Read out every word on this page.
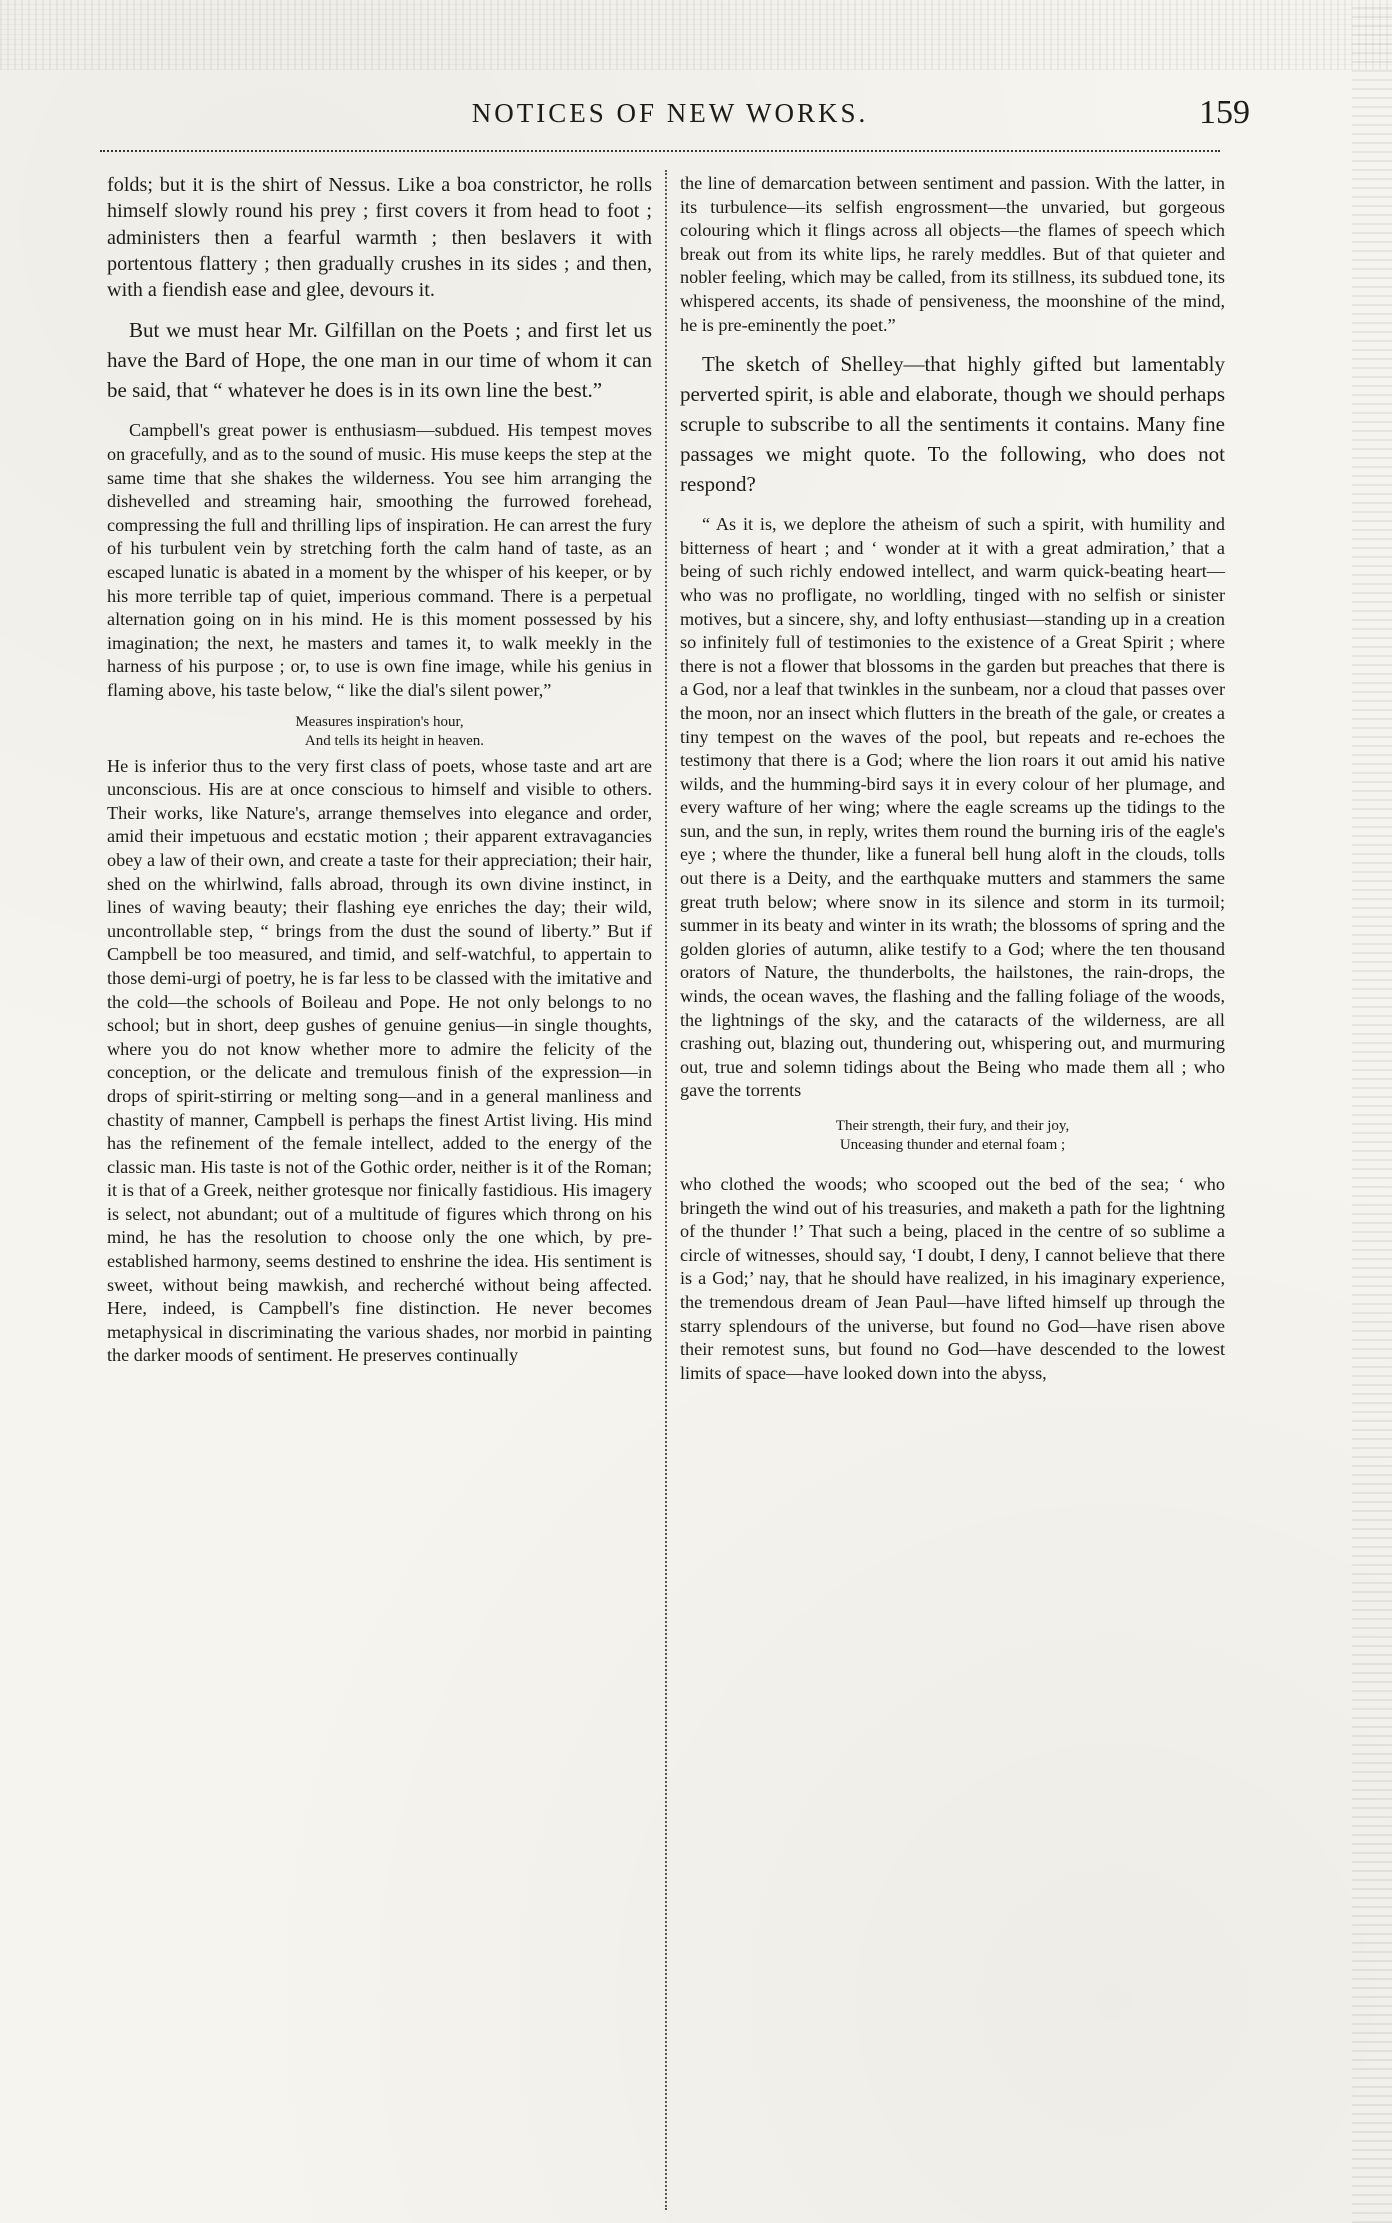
NOTICES OF NEW WORKS.	159

folds; but it is the shirt of Nessus. Like a boa constrictor, he rolls himself slowly round his prey ; first covers it from head to foot ; administers then a fearful warmth ; then beslavers it with portentous flattery ; then gradually crushes in its sides ; and then, with a fiendish ease and glee, devours it.

But we must hear Mr. Gilfillan on the Poets ; and first let us have the Bard of Hope, the one man in our time of whom it can be said, that “ whatever he does is in its own line the best.”

Campbell's great power is enthusiasm—subdued. His tempest moves on gracefully, and as to the sound of music. His muse keeps the step at the same time that she shakes the wilderness. You see him arranging the dishevelled and streaming hair, smoothing the furrowed forehead, compressing the full and thrilling lips of inspiration. He can arrest the fury of his turbulent vein by stretching forth the calm hand of taste, as an escaped lunatic is abated in a moment by the whisper of his keeper, or by his more terrible tap of quiet, imperious command. There is a perpetual alternation going on in his mind. He is this moment possessed by his imagination; the next, he masters and tames it, to walk meekly in the harness of his purpose ; or, to use is own fine image, while his genius in flaming above, his taste below, “ like the dial's silent power,”

Measures inspiration's hour,
And tells its height in heaven.

He is inferior thus to the very first class of poets, whose taste and art are unconscious. His are at once conscious to himself and visible to others. Their works, like Nature's, arrange themselves into elegance and order, amid their impetuous and ecstatic motion ; their apparent extravagancies obey a law of their own, and create a taste for their appreciation; their hair, shed on the whirlwind, falls abroad, through its own divine instinct, in lines of waving beauty; their flashing eye enriches the day; their wild, uncontrollable step, “ brings from the dust the sound of liberty.” But if Campbell be too measured, and timid, and self-watchful, to appertain to those demi-urgi of poetry, he is far less to be classed with the imitative and the cold—the schools of Boileau and Pope. He not only belongs to no school; but in short, deep gushes of genuine genius—in single thoughts, where you do not know whether more to admire the felicity of the conception, or the delicate and tremulous finish of the expression—in drops of spirit-stirring or melting song—and in a general manliness and chastity of manner, Campbell is perhaps the finest Artist living. His mind has the refinement of the female intellect, added to the energy of the classic man. His taste is not of the Gothic order, neither is it of the Roman; it is that of a Greek, neither grotesque nor finically fastidious. His imagery is select, not abundant; out of a multitude of figures which throng on his mind, he has the resolution to choose only the one which, by pre-established harmony, seems destined to enshrine the idea. His sentiment is sweet, without being mawkish, and recherché without being affected. Here, indeed, is Campbell's fine distinction. He never becomes metaphysical in discriminating the various shades, nor morbid in painting the darker moods of sentiment. He preserves continually

the line of demarcation between sentiment and passion. With the latter, in its turbulence—its selfish engrossment—the unvaried, but gorgeous colouring which it flings across all objects—the flames of speech which break out from its white lips, he rarely meddles. But of that quieter and nobler feeling, which may be called, from its stillness, its subdued tone, its whispered accents, its shade of pensiveness, the moonshine of the mind, he is pre-eminently the poet.”

The sketch of Shelley—that highly gifted but lamentably perverted spirit, is able and elaborate, though we should perhaps scruple to subscribe to all the sentiments it contains. Many fine passages we might quote. To the following, who does not respond?

“ As it is, we deplore the atheism of such a spirit, with humility and bitterness of heart ; and ‘ wonder at it with a great admiration,’ that a being of such richly endowed intellect, and warm quick-beating heart—who was no profligate, no worldling, tinged with no selfish or sinister motives, but a sincere, shy, and lofty enthusiast—standing up in a creation so infinitely full of testimonies to the existence of a Great Spirit ; where there is not a flower that blossoms in the garden but preaches that there is a God, nor a leaf that twinkles in the sunbeam, nor a cloud that passes over the moon, nor an insect which flutters in the breath of the gale, or creates a tiny tempest on the waves of the pool, but repeats and re-echoes the testimony that there is a God; where the lion roars it out amid his native wilds, and the humming-bird says it in every colour of her plumage, and every wafture of her wing; where the eagle screams up the tidings to the sun, and the sun, in reply, writes them round the burning iris of the eagle's eye ; where the thunder, like a funeral bell hung aloft in the clouds, tolls out there is a Deity, and the earthquake mutters and stammers the same great truth below; where snow in its silence and storm in its turmoil; summer in its beaty and winter in its wrath; the blossoms of spring and the golden glories of autumn, alike testify to a God; where the ten thousand orators of Nature, the thunderbolts, the hailstones, the rain-drops, the winds, the ocean waves, the flashing and the falling foliage of the woods, the lightnings of the sky, and the cataracts of the wilderness, are all crashing out, blazing out, thundering out, whispering out, and murmuring out, true and solemn tidings about the Being who made them all ; who gave the torrents

Their strength, their fury, and their joy,
Unceasing thunder and eternal foam ;

who clothed the woods; who scooped out the bed of the sea; ‘ who bringeth the wind out of his treasuries, and maketh a path for the lightning of the thunder !’ That such a being, placed in the centre of so sublime a circle of witnesses, should say, ‘I doubt, I deny, I cannot believe that there is a God;’ nay, that he should have realized, in his imaginary experience, the tremendous dream of Jean Paul—have lifted himself up through the starry splendours of the universe, but found no God—have risen above their remotest suns, but found no God—have descended to the lowest limits of space—have looked down into the abyss,
